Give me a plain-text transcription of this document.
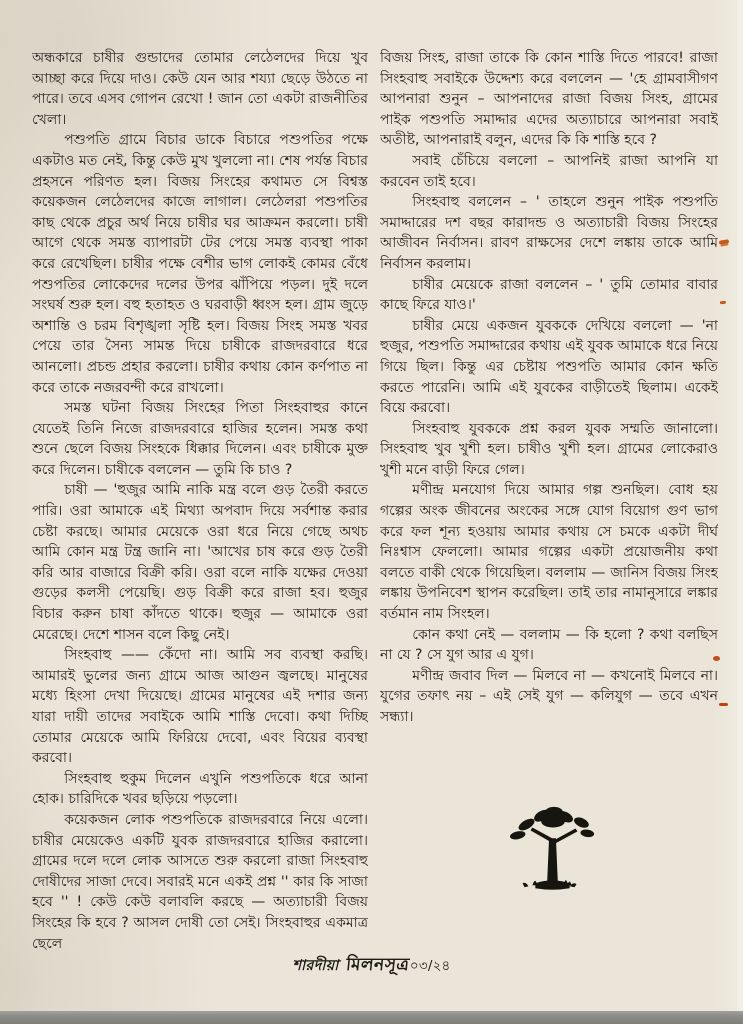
অন্ধকারে চাষীর গুন্ডাদের তোমার লেঠেলদের দিয়ে খুব আচ্ছা করে দিয়ে দাও। কেউ যেন আর শয্যা ছেড়ে উঠতে না পারে। তবে এসব গোপন রেখো ! জান তো একটা রাজনীতির খেলা।

পশুপতি গ্রামে বিচার ডাকে বিচারে পশুপতির পক্ষে একটাও মত নেই, কিন্তু কেউ মুখ খুললো না। শেষ পর্যন্ত বিচার প্রহসনে পরিণত হল। বিজয় সিংহের কথামত সে বিশ্বস্ত কয়েকজন লেঠেলদের কাজে লাগাল। লেঠেলরা পশুপতির কাছ থেকে প্রচুর অর্থ নিয়ে চাষীর ঘর আক্রমন করলো। চাষী আগে থেকে সমস্ত ব্যাপারটা টের পেয়ে সমস্ত ব্যবস্থা পাকা করে রেখেছিল। চাষীর পক্ষে বেশীর ভাগ লোকই কোমর বেঁধে পশুপতির লোকেদের দলের উপর ঝাঁপিয়ে পড়ল। দুই দলে সংঘর্ষ শুরু হল। বহু হতাহত ও ঘরবাড়ী ধ্বংস হল। গ্রাম জুড়ে অশান্তি ও চরম বিশৃঙ্খলা সৃষ্টি হল। বিজয় সিংহ সমস্ত খবর পেয়ে তার সৈন্য সামন্ত দিয়ে চাষীকে রাজদরবারে ধরে আনলো। প্রচন্ড প্রহার করলো। চাষীর কথায় কোন কর্ণপাত না করে তাকে নজরবন্দী করে রাখলো।

সমস্ত ঘটনা বিজয় সিংহের পিতা সিংহবাহুর কানে যেতেই তিনি নিজে রাজদরবারে হাজির হলেন। সমস্ত কথা শুনে ছেলে বিজয় সিংহকে ধিক্কার দিলেন। এবং চাষীকে মুক্ত করে দিলেন। চাষীকে বললেন — তুমি কি চাও ?

চাষী — 'হুজুর আমি নাকি মন্ত্র বলে গুড় তৈরী করতে পারি। ওরা আমাকে এই মিথ্যা অপবাদ দিয়ে সর্বশান্ত করার চেষ্টা করছে। আমার মেয়েকে ওরা ধরে নিয়ে গেছে অথচ আমি কোন মন্ত্র টন্ত্র জানি না। 'আখের চাষ করে গুড় তৈরী করি আর বাজারে বিক্রী করি। ওরা বলে নাকি যক্ষের দেওয়া গুড়ের কলসী পেয়েছি। গুড় বিক্রী করে রাজা হব। হুজুর বিচার করুন চাষা কাঁদতে থাকে। হুজুর — আমাকে ওরা মেরেছে। দেশে শাসন বলে কিছু নেই।

সিংহবাহু —— কেঁদো না। আমি সব ব্যবস্থা করছি। আমারই ভুলের জন্য গ্রামে আজ আগুন জ্বলছে। মানুষের মধ্যে হিংসা দেখা দিয়েছে। গ্রামের মানুষের এই দশার জন্য যারা দায়ী তাদের সবাইকে আমি শাস্তি দেবো। কথা দিচ্ছি তোমার মেয়েকে আমি ফিরিয়ে দেবো, এবং বিয়ের ব্যবস্থা করবো।

সিংহবাহু হুকুম দিলেন এখুনি পশুপতিকে ধরে আনা হোক। চারিদিকে খবর ছড়িয়ে পড়লো।

কয়েকজন লোক পশুপতিকে রাজদরবারে নিয়ে এলো। চাষীর মেয়েকেও একটি যুবক রাজদরবারে হাজির করালো। গ্রামের দলে দলে লোক আসতে শুরু করলো রাজা সিংহবাহু দোষীদের সাজা দেবে। সবারই মনে একই প্রশ্ন '' কার কি সাজা হবে '' ! কেউ কেউ বলাবলি করছে — অত্যাচারী বিজয় সিংহের কি হবে ? আসল দোষী তো সেই। সিংহবাহুর একমাত্র ছেলে

বিজয় সিংহ, রাজা তাকে কি কোন শাস্তি দিতে পারবে! রাজা সিংহবাহু সবাইকে উদ্দেশ্য করে বললেন — 'হে গ্রামবাসীগণ আপনারা শুনুন – আপনাদের রাজা বিজয় সিংহ, গ্রামের পাইক পশুপতি সমাদ্দার এদের অত্যাচারে আপনারা সবাই অতীষ্ট, আপনারাই বলুন, এদের কি কি শাস্তি হবে ?

সবাই চেঁচিয়ে বললো – আপনিই রাজা আপনি যা করবেন তাই হবে।

সিংহবাহু বললেন – ' তাহলে শুনুন পাইক পশুপতি সমাদ্দারের দশ বছর কারাদন্ড ও অত্যাচারী বিজয় সিংহের আজীবন নির্বাসন। রাবণ রাক্ষসের দেশে লঙ্কায় তাকে আমি নির্বাসন করলাম।

চাষীর মেয়েকে রাজা বললেন – ' তুমি তোমার বাবার কাছে ফিরে যাও।'

চাষীর মেয়ে একজন যুবককে দেখিয়ে বললো — 'না হুজুর, পশুপতি সমাদ্দারের কথায় এই যুবক আমাকে ধরে নিয়ে গিয়ে ছিল। কিন্তু এর চেষ্টায় পশুপতি আমার কোন ক্ষতি করতে পারেনি। আমি এই যুবকের বাড়ীতেই ছিলাম। একেই বিয়ে করবো।

সিংহবাহু যুবককে প্রশ্ন করল যুবক সম্মতি জানালো। সিংহবাহু খুব খুশী হল। চাষীও খুশী হল। গ্রামের লোকেরাও খুশী মনে বাড়ী ফিরে গেল।

মণীন্দ্র মনযোগ দিয়ে আমার গল্প শুনছিল। বোধ হয় গল্পের অংক জীবনের অংকের সঙ্গে যোগ বিয়োগ গুণ ভাগ করে ফল শূন্য হওয়ায় আমার কথায় সে চমকে একটা দীর্ঘ নিঃশ্বাস ফেললো। আমার গল্পের একটা প্রয়োজনীয় কথা বলতে বাকী থেকে গিয়েছিল। বললাম — জানিস বিজয় সিংহ লঙ্কায় উপনিবেশ স্থাপন করেছিল। তাই তার নামানুসারে লঙ্কার বর্তমান নাম সিংহল।

কোন কথা নেই — বললাম — কি হলো ? কথা বলছিস না যে ? সে যুগ আর এ যুগ।

মণীন্দ্র জবাব দিল — মিলবে না — কখনোই মিলবে না। যুগের তফাৎ নয় – এই সেই যুগ — কলিযুগ — তবে এখন সন্ধ্যা।

শারদীয়া মিলনসূত্র০৩/২৪
